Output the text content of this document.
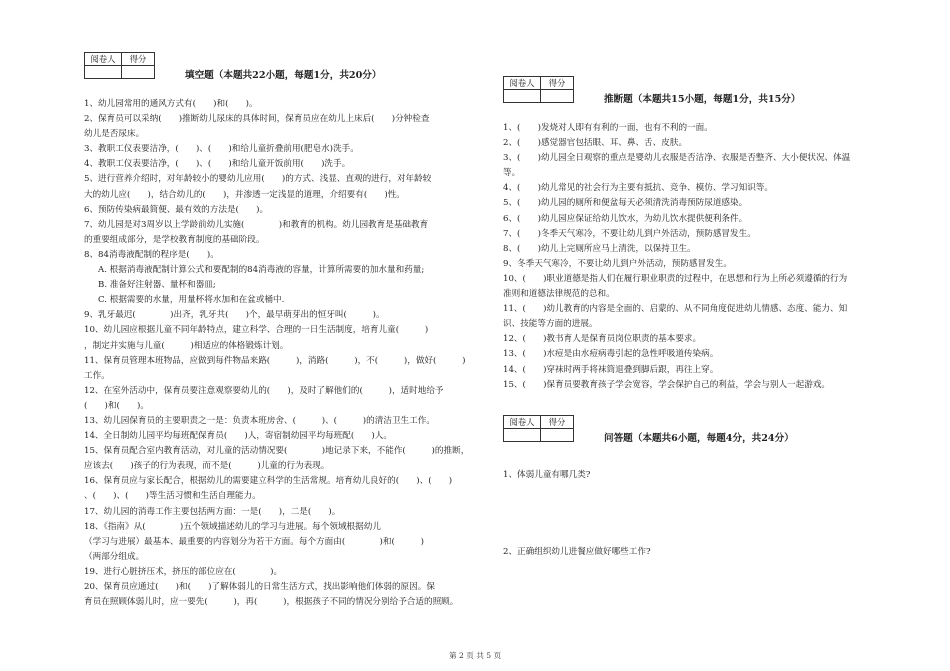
阅卷人	得分

填空题（本题共22小题，每题1分，共20分）
1、幼儿园常用的通风方式有(　　)和(　　)。
2、保育员可以采纳(　　)推断幼儿尿床的具体时间，保育员应在幼儿上床后(　　)分钟检查
幼儿是否尿床。
3、教职工仪表要洁净，(　　)、(　　)和给儿童折叠前用(肥皂水)洗手。
4、教职工仪表要洁净，(　　)、(　　)和给儿童开饭前用(　　)洗手。
5、进行营养介绍时，对年龄较小的婴幼儿应用(　　)的方式、浅显、直观的进行，对年龄较
大的幼儿应(　　)，结合幼儿的(　　)，并渗透一定浅显的道理，介绍要有(　　)性。
6、预防传染病最简便、最有效的方法是(　　)。
7、幼儿园是对3周岁以上学龄前幼儿实施(　　　　)和教育的机构。幼儿园教育是基础教育
的重要组成部分，是学校教育制度的基础阶段。
8、84消毒液配制的程序是(　　)。
A. 根据消毒液配制计算公式和要配制的84消毒液的容量，计算所需要的加水量和药量;
B. 准备好注射器、量杯和器皿;
C. 根据需要的水量，用量杯将水加和在盆或桶中.
9、乳牙最迟(　　　　)出齐，乳牙共(　　)个，最早萌芽出的恒牙叫(　　　)。
10、幼儿园应根据儿童不同年龄特点，建立科学、合理的一日生活制度，培育儿童(　　　)
，制定并实施与儿童(　　　)相适应的体格锻炼计划。
11、保育员管理本班物品，应做到每件物品来路(　　　)，消路(　　　)，不(　　　)，做好(　　　)
工作。
12、在室外活动中，保育员要注意观察要幼儿的(　　)，及时了解他们的(　　　)，适时地给予
(　　)和(　　)。
13、幼儿园保育员的主要职责之一是：负责本班房舍、(　　　)、(　　　)的清洁卫生工作。
14、全日制幼儿园平均每班配保育员(　　)人，寄宿制幼园平均每班配(　　)人。
15、保育员配合室内教育活动，对儿童的活动情况要(　　　　)地记录下来，不能作(　　　)的推断，
应该去(　　)孩子的行为表现，而不是(　　　)儿童的行为表现。
16、保育员应与家长配合，根据幼儿的需要建立科学的生活常规。培育幼儿良好的(　　)、(　　)
、(　　)、(　　)等生活习惯和生活自理能力。
17、幼儿园的消毒工作主要包括两方面：一是(　　)，二是(　　)。
18、《指南》从(　　　　)五个领域描述幼儿的学习与进展。每个领域根据幼儿
（学习与进展）最基本、最重要的内容划分为若干方面。每个方面由(　　　　)和(　　　)
（两部分组成。
19、进行心脏挤压术，挤压的部位应在(　　　　)。
20、保育员应通过(　　)和(　　)了解体弱儿的日常生活方式，找出影响他们体弱的原因。保
育员在照顾体弱儿时，应一要先(　　　)，再(　　　)，根据孩子不同的情况分别给予合适的照顾。
阅卷人	得分

推断题（本题共15小题，每题1分，共15分）
1、(　　)发烧对人即有有利的一面，也有不利的一面。
2、(　　)感觉器官包括眼、耳、鼻、舌、皮肤。
3、(　　)幼儿园全日观察的重点是婴幼儿衣服是否洁净、衣服是否整齐、大小便状况、体温
等。
4、(　　)幼儿常见的社会行为主要有抵抗、竞争、模仿、学习知识等。
5、(　　)幼儿园的厕所和便盆每天必须清洗消毒预防尿道感染。
6、(　　)幼儿园应保证给幼儿饮水，为幼儿饮水提供便利条件。
7、(　　)冬季天气寒冷，不要让幼儿到户外活动，预防感冒发生。
8、(　　)幼儿上完厕所应马上清洗，以保持卫生。
9、冬季天气寒冷，不要让幼儿到户外活动，预防感冒发生。
10、(　　)职业道德是指人们在履行职业职责的过程中，在思想和行为上所必须遵循的行为
准则和道德法律规范的总和。
11、(　　)幼儿教育的内容是全面的、启蒙的、从不同角度促进幼儿情感、态度、能力、知
识、技能等方面的进展。
12、(　　)教书育人是保育员岗位职责的基本要求。
13、(　　)水痘是由水痘病毒引起的急性呼吸道传染病。
14、(　　)穿袜时两手将袜筒退叠到脚后跟，再往上穿。
15、(　　)保育员要教育孩子学会宽容，学会保护自己的利益，学会与别人一起游戏。
阅卷人	得分

问答题（本题共6小题，每题4分，共24分）
1、体弱儿童有哪几类?
2、正确组织幼儿进餐应做好哪些工作?
第 2 页 共 5 页
